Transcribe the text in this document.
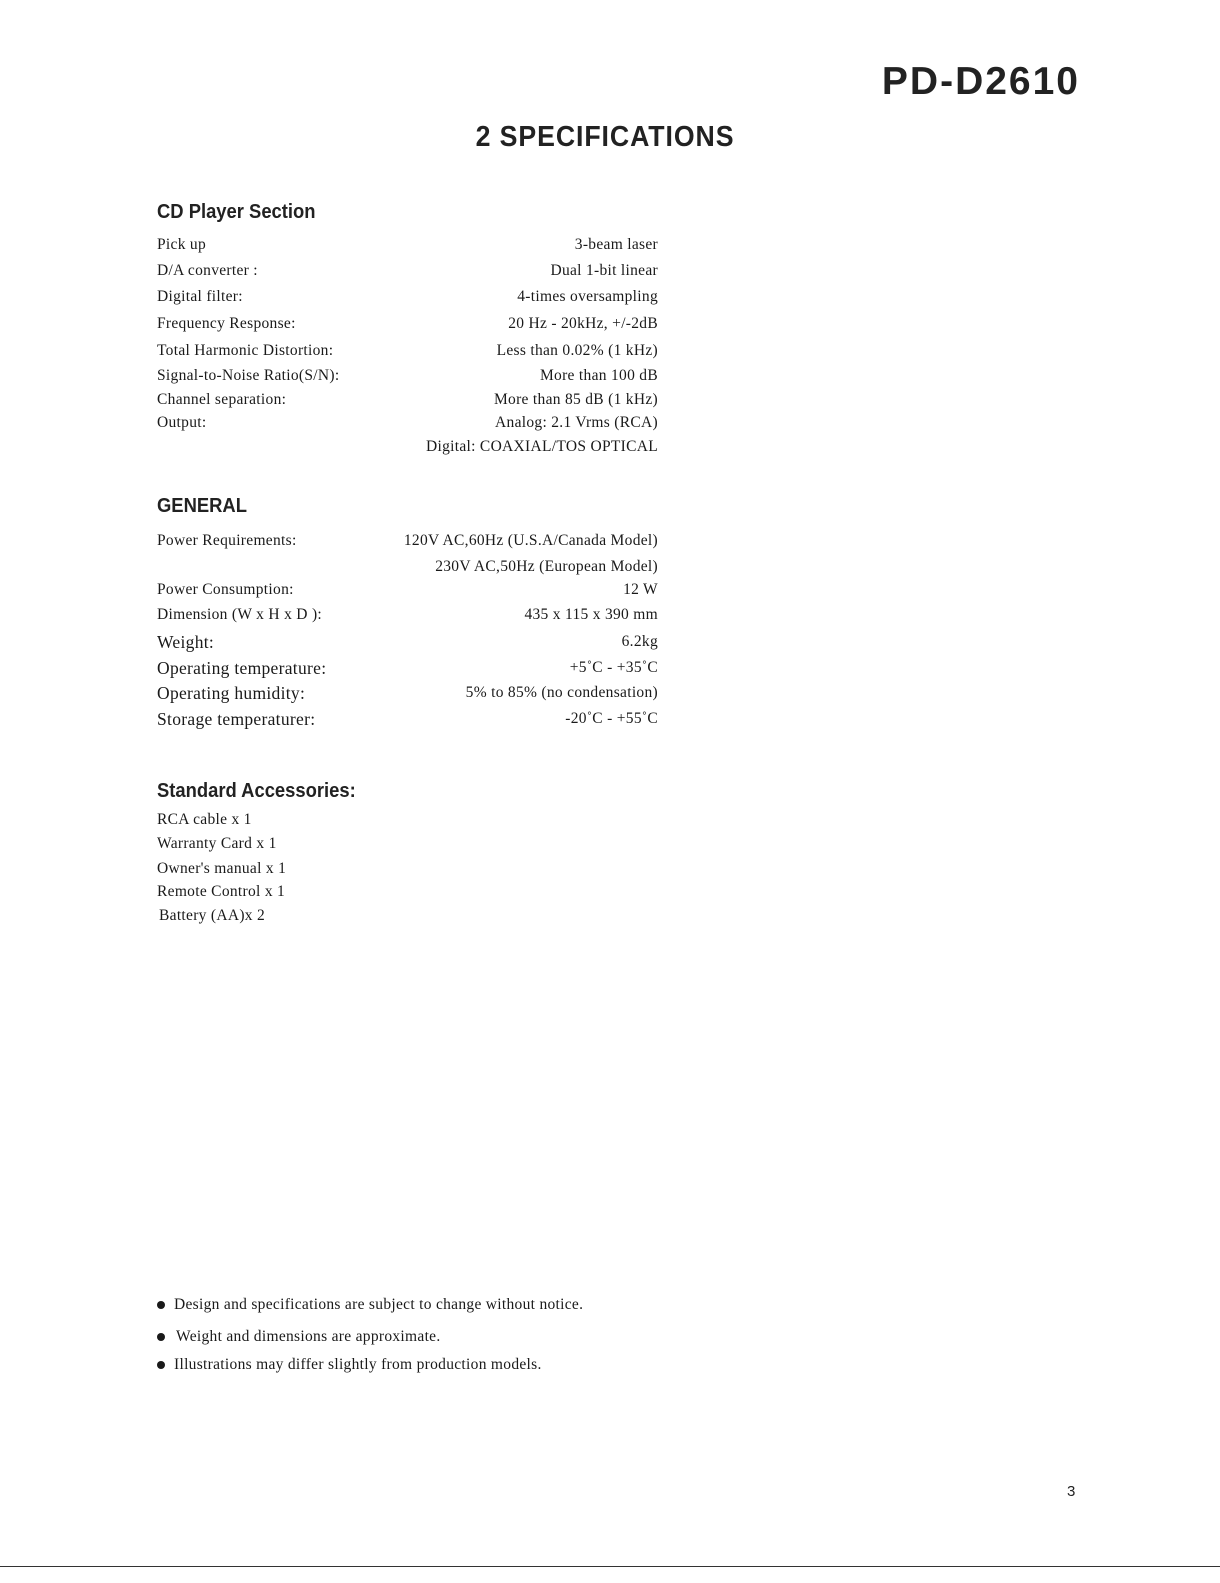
PD-D2610
2 SPECIFICATIONS
CD Player Section
Pick up	3-beam laser
D/A converter :	Dual 1-bit linear
Digital filter:	4-times oversampling
Frequency Response:	20 Hz - 20kHz, +/-2dB
Total Harmonic Distortion:	Less than 0.02% (1 kHz)
Signal-to-Noise Ratio(S/N):	More than 100 dB
Channel separation:	More than 85 dB (1 kHz)
Output:	Analog: 2.1 Vrms (RCA)
Digital: COAXIAL/TOS OPTICAL
GENERAL
Power Requirements:	120V AC,60Hz (U.S.A/Canada Model)
230V AC,50Hz (European Model)
Power Consumption:	12 W
Dimension (W x H x D ):	435 x 115 x 390 mm
Weight:	6.2kg
Operating temperature:	+5˚C - +35˚C
Operating humidity:	5% to 85% (no condensation)
Storage temperaturer:	-20˚C - +55˚C
Standard Accessories:
RCA cable x 1
Warranty Card x 1
Owner's manual x 1
Remote Control x 1
Battery (AA)x 2
Design and specifications are subject to change without notice.
Weight and dimensions are approximate.
Illustrations may differ slightly from production models.
3
